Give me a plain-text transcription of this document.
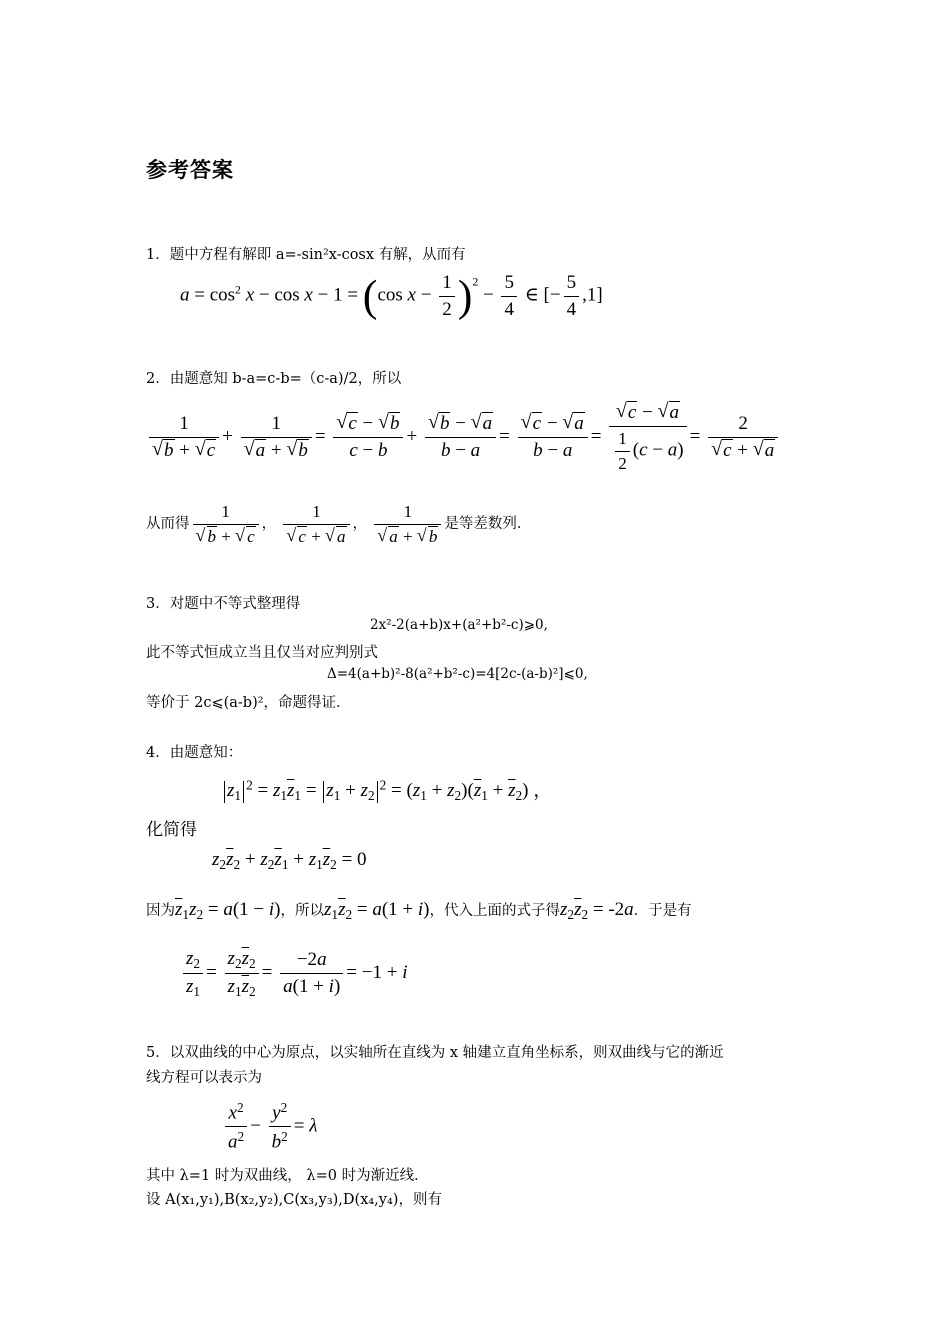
参考答案
1．题中方程有解即 a=-sin²x-cosx 有解，从而有
$a = \cos^2 x - \cos x - 1 = (\cos$ $x - \frac{1}{2} )^2 - \frac{5}{4}$ ∈ [− $\frac{5}{4} ,1$]
2．由题意知 b-a=c-b=（c-a)/2，所以
1
√ b + √ c + 1
√ a + √ b = √ $\frac{c - √ b}{c - b}$ + √ $\frac{b - √ a}{b - a}$ = √ $\frac{c - √ a}{b - a}$ = √ $\frac{c - √ a}{\frac{1}{2} (c - a)} = 2$
√ c + √ a
从而得 1
√ b + √ c ， 1
√ c + √ a ， 1
√ a + √ b 是等差数列．
3．对题中不等式整理得
2x²-2(a+b)x+(a²+b²-c)⩾0,
此不等式恒成立当且仅当对应判别式
Δ=4(a+b)²-8(a²+b²-c)=4[2c-(a-b)²]⩽0,
等价于 2c⩽(a-b)²，命题得证．
4．由题意知：
$z_1^2 = z_1\overline{z}_1 = z_1 + z_2^2 = (z_1 + z_2)(\overline{z}_1 + \overline{z}_2)$ ，
化简得
$z_2\overline{z}_2 + z_2\overline{z}_1 + z_1\overline{z}_2 = 0$
因为$\overline{z}_1z_2 = a(1 - i)$，所以$z_1\overline{z}_2 = a(1 + i)$，代入上面的式子得$z_2\overline{z}_2 = -2a$．于是有
$\frac{z_2}{z_1} = \frac{z_2\overline{z}_2}{z_1\overline{z}_2} = \frac{-2a}{a(1 + i)} = -1 + i$
5．以双曲线的中心为原点，以实轴所在直线为 x 轴建立直角坐标系，则双曲线与它的渐近
线方程可以表示为
$\frac{x^2}{a^2} - \frac{y^2}{b^2} = \lambda$
其中 λ=1 时为双曲线， λ=0 时为渐近线．
设 A(x₁,y₁),B(x₂,y₂),C(x₃,y₃),D(x₄,y₄)，则有
